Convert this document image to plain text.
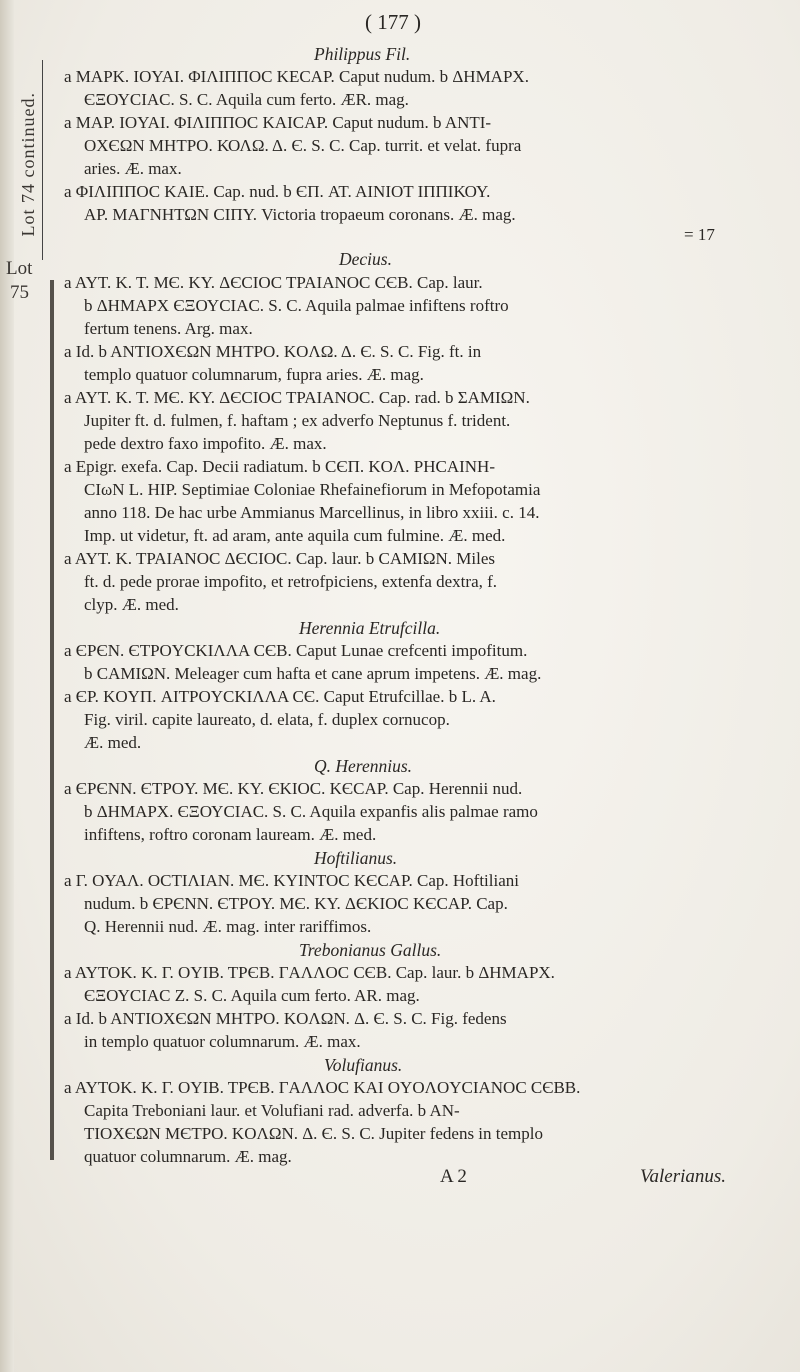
Lot 74 continued.
Lot
75
( 177 )
Philippus Fil.
a MAPK. IOYAI. ΦΙΛΙΠΠΟC KECAP. Caput nudum. b ΔΗΜΑΡΧ.
ЄΞΟΥCIAC. S. C. Aquila cum ferto. ÆR. mag.
a MAP. IOYAI. ΦΙΛΙΠΠΟC KAICAP. Caput nudum. b ANTI-
ΟΧЄΩΝ ΜΗΤΡΟ. ΚΟΛΩ. Δ. Є. S. C. Cap. turrit. et velat. fupra
aries. Æ. max.
a ΦΙΛΙΠΠΟC KAIE. Cap. nud. b ЄΠ. AT. AINIOT ΙΠΠΙΚΟΥ.
AP. MAΓΝΗΤΩΝ CIΠΥ. Victoria tropaeum coronans. Æ. mag.
= 17
Decius.
a AYT. K. T. MЄ. KY. ΔЄCIOC TPAIANOC CЄB. Cap. laur.
b ΔΗΜΑΡΧ ЄΞΟΥCIAC. S. C. Aquila palmae infiftens roftro
fertum tenens. Arg. max.
a Id. b ANTIOXЄΩN MHTPO. KOΛΩ. Δ. Є. S. C. Fig. ft. in
templo quatuor columnarum, fupra aries. Æ. mag.
a AYT. K. T. MЄ. KY. ΔЄCIOC TPAIANOC. Cap. rad. b ΣΑΜΙΩΝ.
Jupiter ft. d. fulmen, f. haftam ; ex adverfo Neptunus f. trident.
pede dextro faxo impofito. Æ. max.
a Epigr. exefa. Cap. Decii radiatum. b CЄΠ. KOΛ. PHCAINH-
CIωN L. HIP. Septimiae Coloniae Rhefainefiorum in Mefopotamia
anno 118. De hac urbe Ammianus Marcellinus, in libro xxiii. c. 14.
Imp. ut videtur, ft. ad aram, ante aquila cum fulmine. Æ. med.
a AYT. K. TPAIANOC ΔЄCIOC. Cap. laur. b CAMIΩN. Miles
ft. d. pede prorae impofito, et retrofpiciens, extenfa dextra, f.
clyp. Æ. med.
Herennia Etrufcilla.
a ЄPЄN. ЄTPOYCKIΛΛA CЄB. Caput Lunae crefcenti impofitum.
b CAMIΩN. Meleager cum hafta et cane aprum impetens. Æ. mag.
a ЄP. KOΥΠ. AITPOYCKIΛΛA CЄ. Caput Etrufcillae. b L. A.
Fig. viril. capite laureato, d. elata, f. duplex cornucop.
Æ. med.
Q. Herennius.
a ЄPЄNN. ЄTPOY. MЄ. KY. ЄKIOC. KЄCAP. Cap. Herennii nud.
b ΔΗΜΑΡΧ. ЄΞΟΥCIAC. S. C. Aquila expanfis alis palmae ramo
infiftens, roftro coronam lauream. Æ. med.
Hoftilianus.
a Γ. OYAΛ. OCTIΛIAN. MЄ. KYINTOC KЄCAP. Cap. Hoftiliani
nudum. b ЄPЄNN. ЄTPOY. MЄ. KY. ΔЄKIOC KЄCAP. Cap.
Q. Herennii nud. Æ. mag. inter rariffimos.
Trebonianus Gallus.
a AYTOK. K. Γ. OYIB. TPЄB. ΓAΛΛOC CЄB. Cap. laur. b ΔΗΜΑΡΧ.
ЄΞΟΥCIAC Z. S. C. Aquila cum ferto. AR. mag.
a Id. b ANTIOXЄΩN MHTPO. KOΛΩN. Δ. Є. S. C. Fig. fedens
in templo quatuor columnarum. Æ. max.
Volufianus.
a AYTOK. K. Γ. OYIB. TPЄB. ΓAΛΛOC KAI OYOΛOYCIANOC CЄBB.
Capita Treboniani laur. et Volufiani rad. adverfa. b AN-
TIOXЄΩN MЄTPO. KOΛΩN. Δ. Є. S. C. Jupiter fedens in templo
quatuor columnarum. Æ. mag.
A 2	Valerianus.
